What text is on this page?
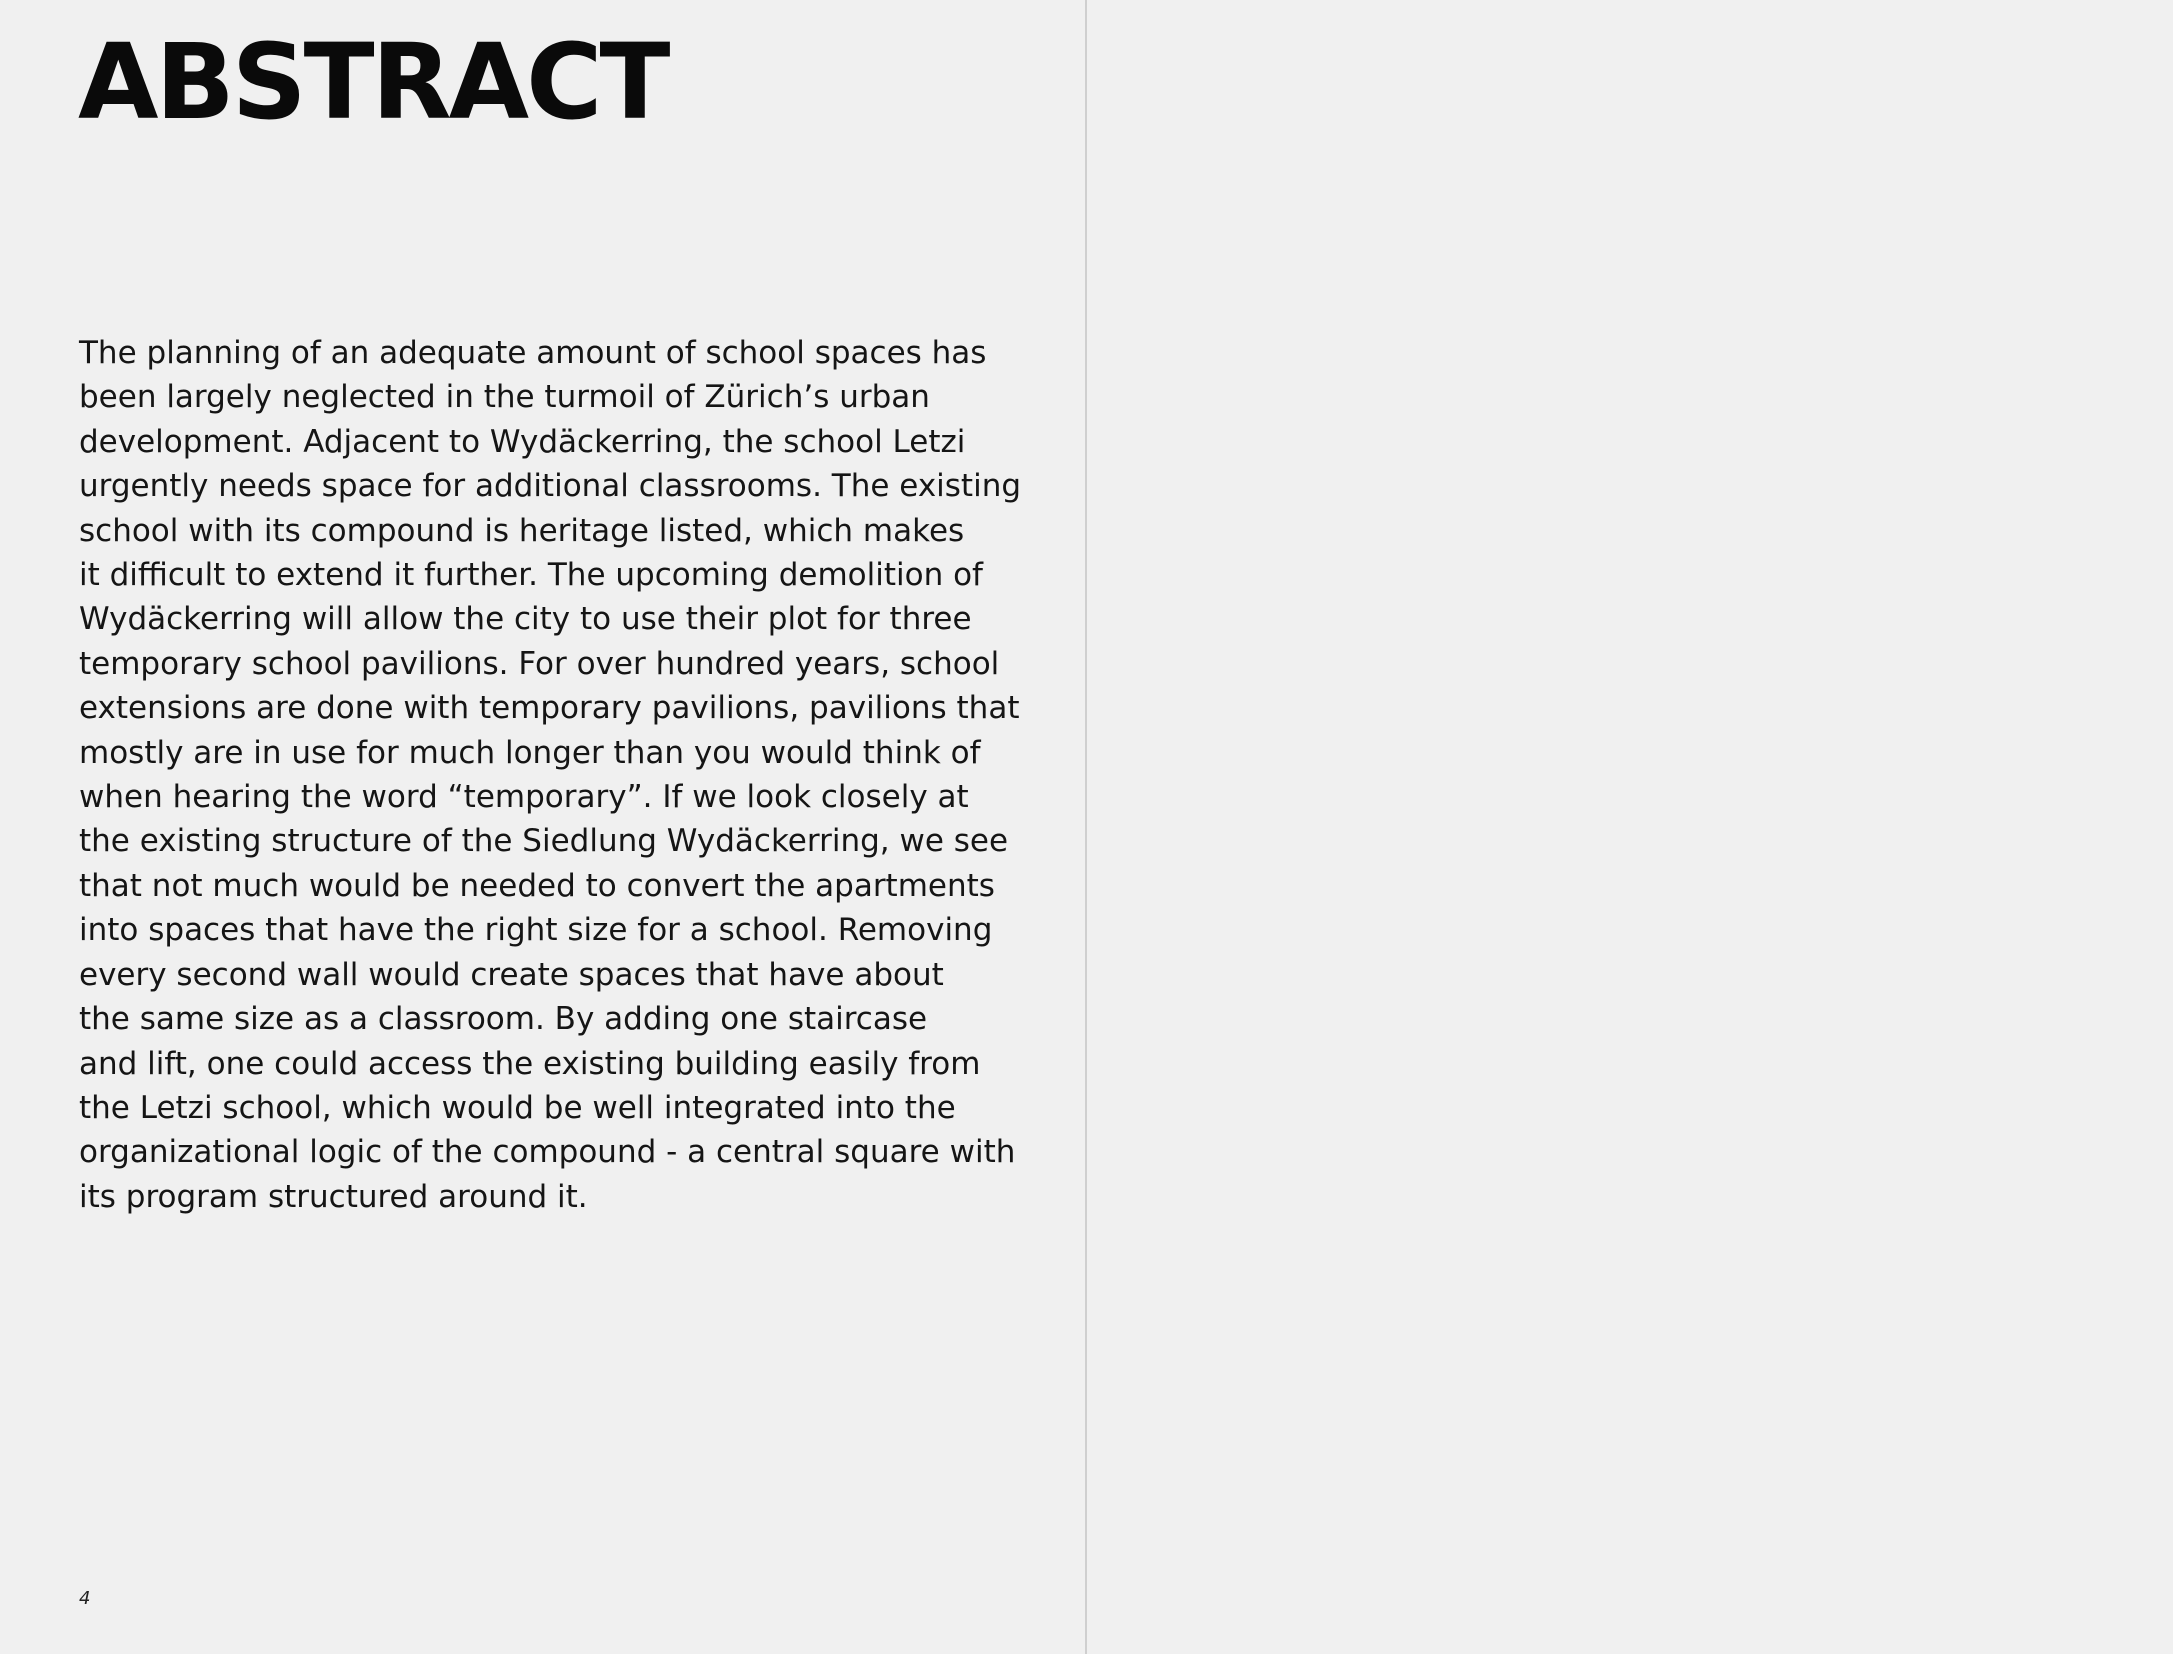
ABSTRACT

The planning of an adequate amount of school spaces has
been largely neglected in the turmoil of Zürich’s urban
development. Adjacent to Wydäckerring, the school Letzi
urgently needs space for additional classrooms. The existing
school with its compound is heritage listed, which makes
it difficult to extend it further. The upcoming demolition of
Wydäckerring will allow the city to use their plot for three
temporary school pavilions. For over hundred years, school
extensions are done with temporary pavilions, pavilions that
mostly are in use for much longer than you would think of
when hearing the word “temporary”. If we look closely at
the existing structure of the Siedlung Wydäckerring, we see
that not much would be needed to convert the apartments
into spaces that have the right size for a school. Removing
every second wall would create spaces that have about
the same size as a classroom. By adding one staircase
and lift, one could access the existing building easily from
the Letzi school, which would be well integrated into the
organizational logic of the compound - a central square with
its program structured around it.

4
